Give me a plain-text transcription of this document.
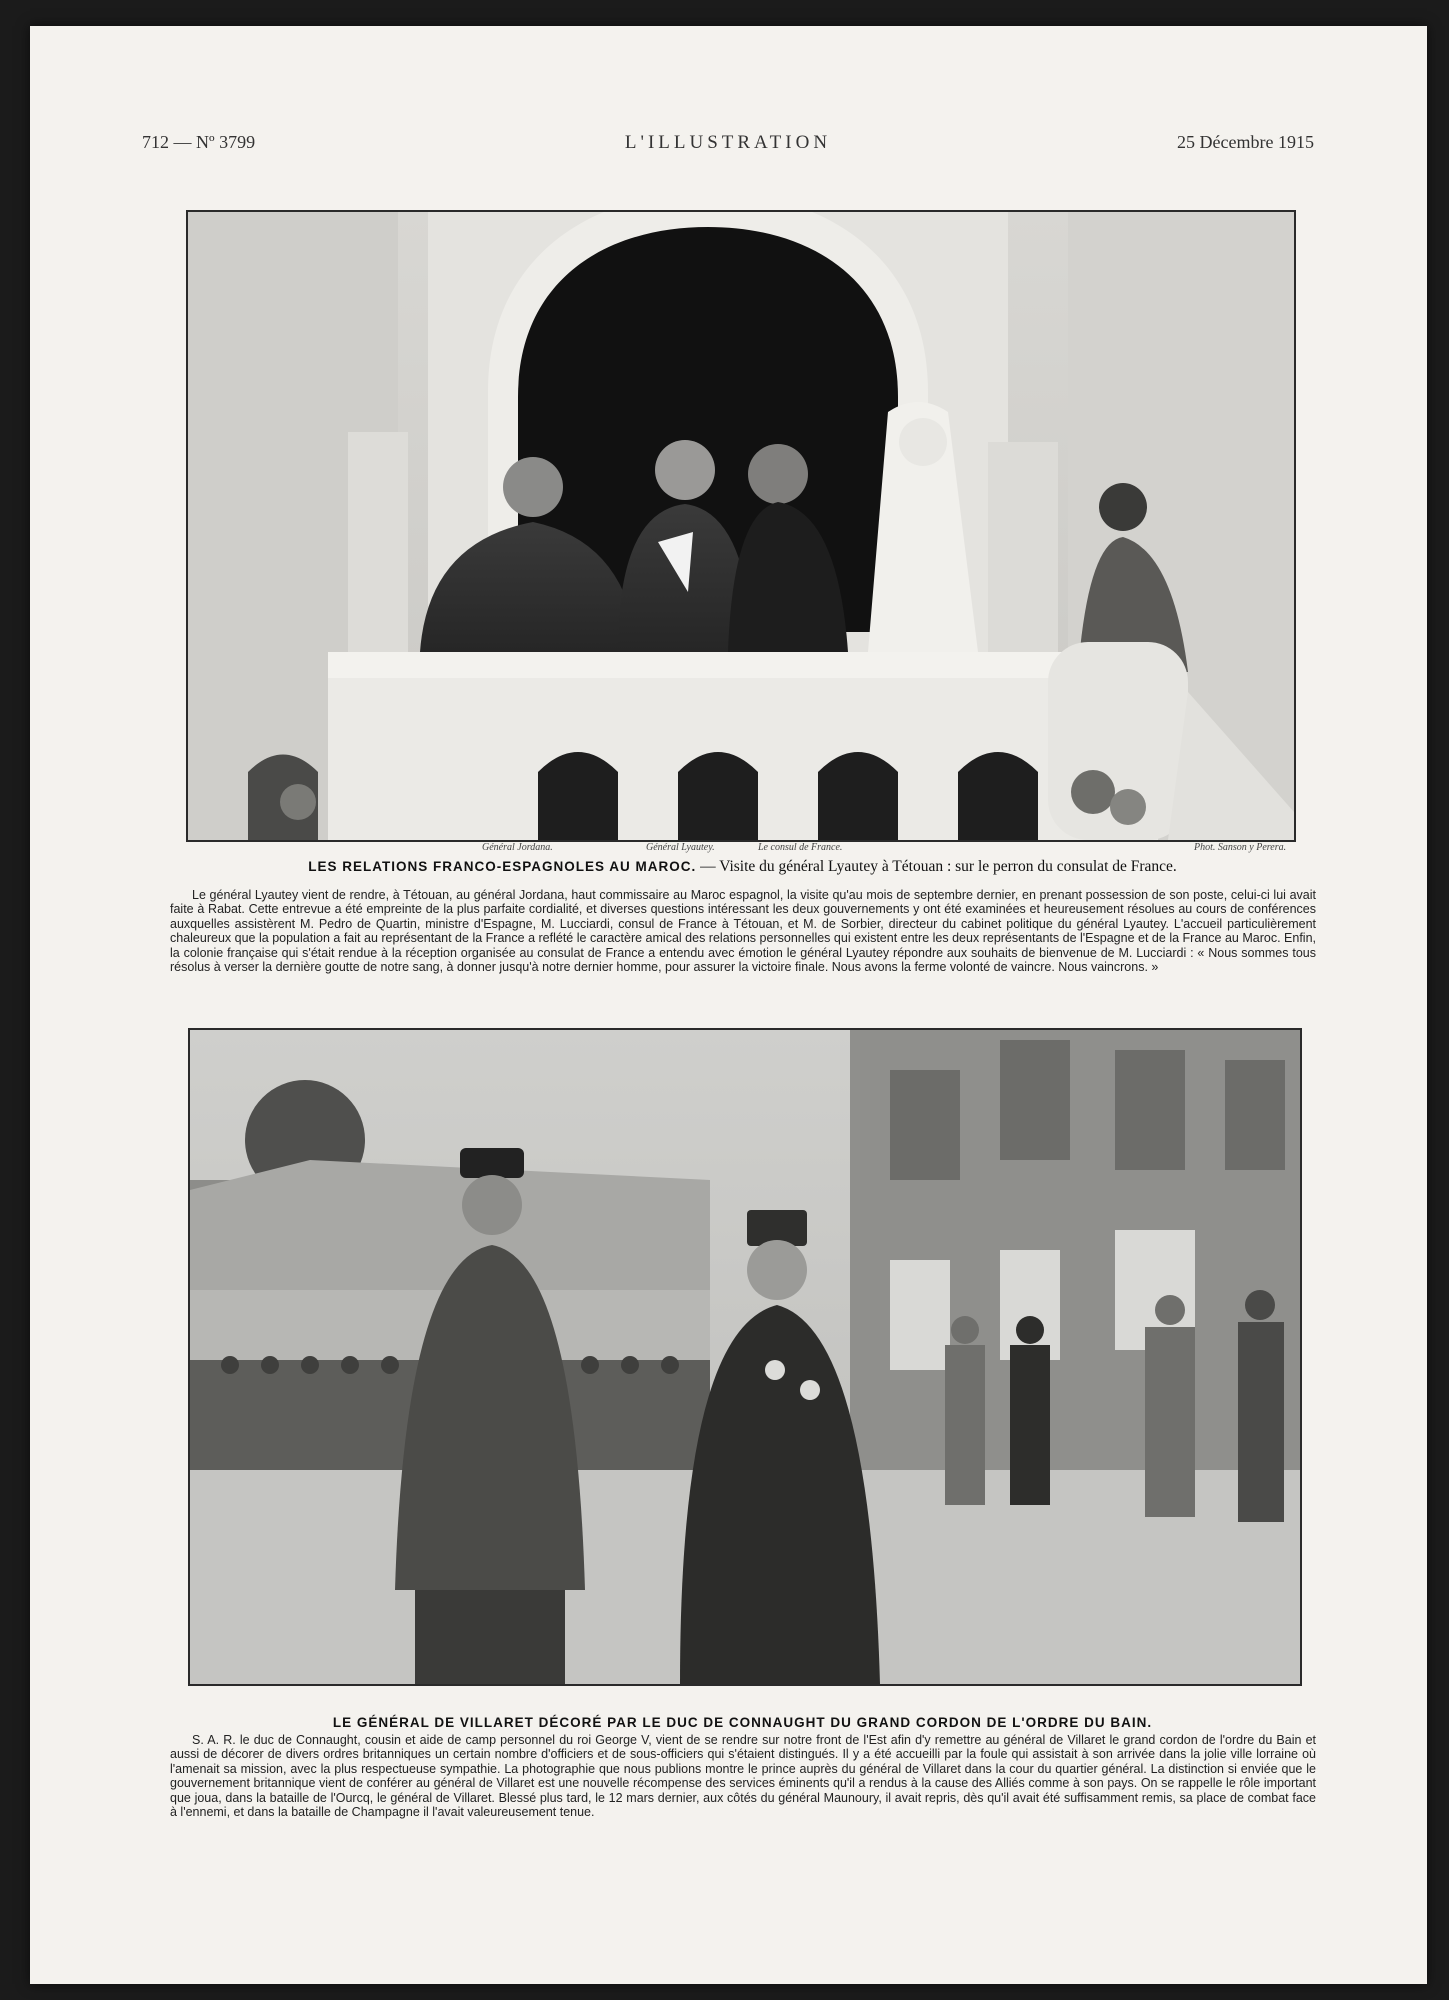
712 — Nº 3799	L'ILLUSTRATION	25 Décembre 1915
Général Jordana.	Général Lyautey.	Le consul de France.	Phot. Sanson y Perera.
LES RELATIONS FRANCO-ESPAGNOLES AU MAROC. — Visite du général Lyautey à Tétouan : sur le perron du consulat de France.
Le général Lyautey vient de rendre, à Tétouan, au général Jordana, haut commissaire au Maroc espagnol, la visite qu'au mois de septembre dernier, en prenant possession de son poste, celui-ci lui avait faite à Rabat. Cette entrevue a été empreinte de la plus parfaite cordialité, et diverses questions intéressant les deux gouvernements y ont été examinées et heureusement résolues au cours de conférences auxquelles assistèrent M. Pedro de Quartin, ministre d'Espagne, M. Lucciardi, consul de France à Tétouan, et M. de Sorbier, directeur du cabinet politique du général Lyautey. L'accueil particulièrement chaleureux que la population a fait au représentant de la France a reflété le caractère amical des relations personnelles qui existent entre les deux représentants de l'Espagne et de la France au Maroc. Enfin, la colonie française qui s'était rendue à la réception organisée au consulat de France a entendu avec émotion le général Lyautey répondre aux souhaits de bienvenue de M. Lucciardi : « Nous sommes tous résolus à verser la dernière goutte de notre sang, à donner jusqu'à notre dernier homme, pour assurer la victoire finale. Nous avons la ferme volonté de vaincre. Nous vaincrons. »
LE GÉNÉRAL DE VILLARET DÉCORÉ PAR LE DUC DE CONNAUGHT DU GRAND CORDON DE L'ORDRE DU BAIN.
S. A. R. le duc de Connaught, cousin et aide de camp personnel du roi George V, vient de se rendre sur notre front de l'Est afin d'y remettre au général de Villaret le grand cordon de l'ordre du Bain et aussi de décorer de divers ordres britanniques un certain nombre d'officiers et de sous-officiers qui s'étaient distingués. Il y a été accueilli par la foule qui assistait à son arrivée dans la jolie ville lorraine où l'amenait sa mission, avec la plus respectueuse sympathie. La photographie que nous publions montre le prince auprès du général de Villaret dans la cour du quartier général. La distinction si enviée que le gouvernement britannique vient de conférer au général de Villaret est une nouvelle récompense des services éminents qu'il a rendus à la cause des Alliés comme à son pays. On se rappelle le rôle important que joua, dans la bataille de l'Ourcq, le général de Villaret. Blessé plus tard, le 12 mars dernier, aux côtés du général Maunoury, il avait repris, dès qu'il avait été suffisamment remis, sa place de combat face à l'ennemi, et dans la bataille de Champagne il l'avait valeureusement tenue.
